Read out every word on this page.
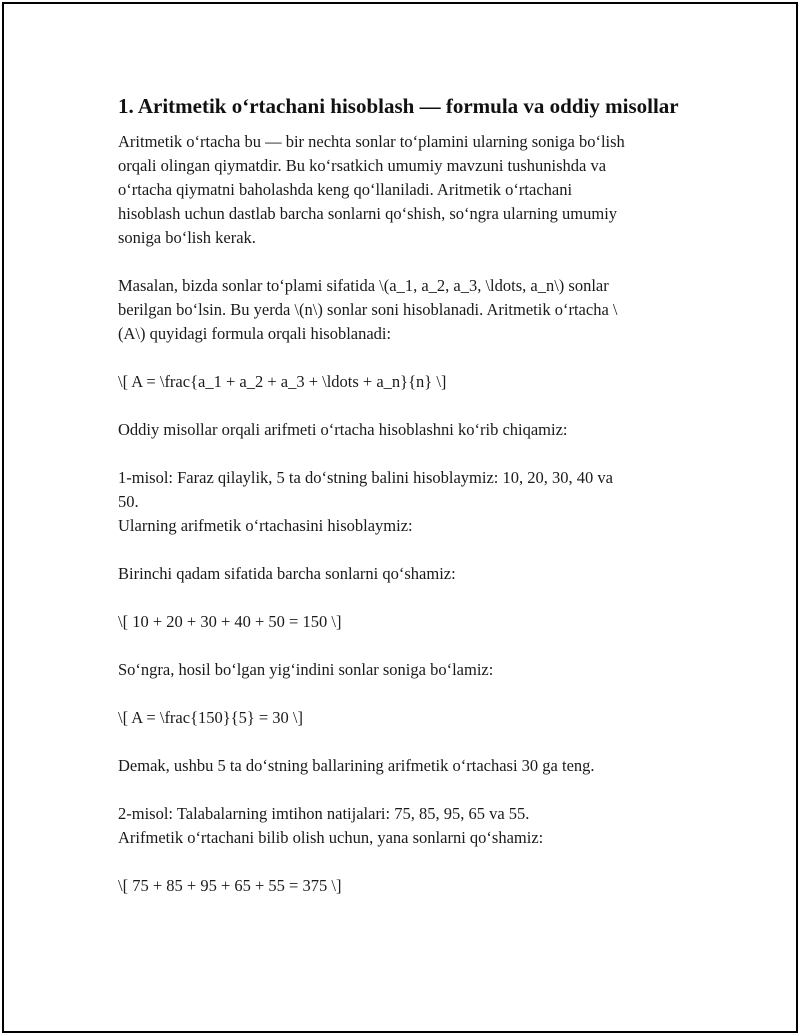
1. Aritmetik o‘rtachani hisoblash — formula va oddiy misollar
Aritmetik o‘rtacha bu — bir nechta sonlar to‘plamini ularning soniga bo‘lish
orqali olingan qiymatdir. Bu ko‘rsatkich umumiy mavzuni tushunishda va
o‘rtacha qiymatni baholashda keng qo‘llaniladi. Aritmetik o‘rtachani
hisoblash uchun dastlab barcha sonlarni qo‘shish, so‘ngra ularning umumiy
soniga bo‘lish kerak.
Masalan, bizda sonlar to‘plami sifatida \(a_1, a_2, a_3, \ldots, a_n\) sonlar
berilgan bo‘lsin. Bu yerda \(n\) sonlar soni hisoblanadi. Aritmetik o‘rtacha \
(A\) quyidagi formula orqali hisoblanadi:
\[ A = \frac{a_1 + a_2 + a_3 + \ldots + a_n}{n} \]
Oddiy misollar orqali arifmeti o‘rtacha hisoblashni ko‘rib chiqamiz:
1-misol: Faraz qilaylik, 5 ta do‘stning balini hisoblaymiz: 10, 20, 30, 40 va
50.
Ularning arifmetik o‘rtachasini hisoblaymiz:
Birinchi qadam sifatida barcha sonlarni qo‘shamiz:
\[ 10 + 20 + 30 + 40 + 50 = 150 \]
So‘ngra, hosil bo‘lgan yig‘indini sonlar soniga bo‘lamiz:
\[ A = \frac{150}{5} = 30 \]
Demak, ushbu 5 ta do‘stning ballarining arifmetik o‘rtachasi 30 ga teng.
2-misol: Talabalarning imtihon natijalari: 75, 85, 95, 65 va 55.
Arifmetik o‘rtachani bilib olish uchun, yana sonlarni qo‘shamiz:
\[ 75 + 85 + 95 + 65 + 55 = 375 \]
